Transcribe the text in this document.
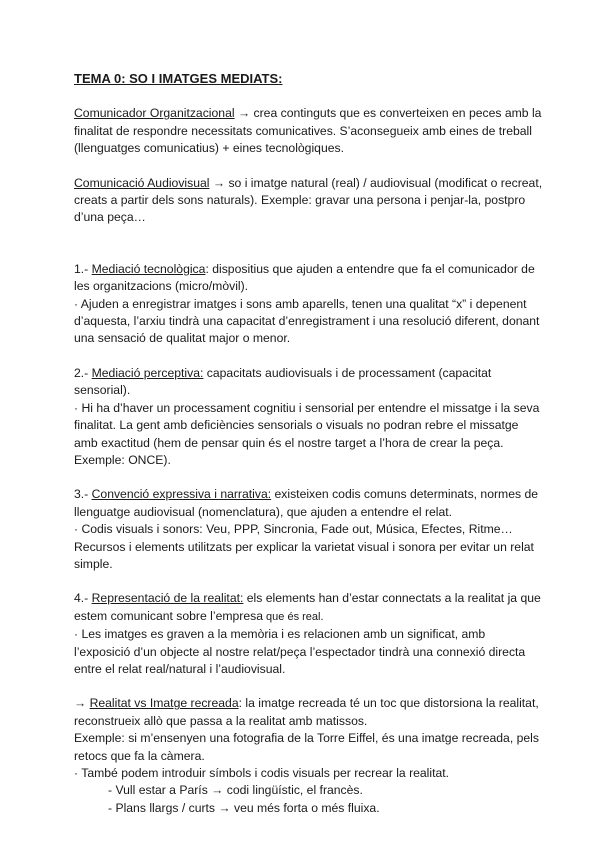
TEMA 0: SO I IMATGES MEDIATS:

Comunicador Organitzacional → crea continguts que es converteixen en peces amb la finalitat de respondre necessitats comunicatives. S’aconsegueix amb eines de treball (llenguatges comunicatius) + eines tecnològiques.

Comunicació Audiovisual → so i imatge natural (real) / audiovisual (modificat o recreat, creats a partir dels sons naturals). Exemple: gravar una persona i penjar-la, postpro d’una peça…

1.- Mediació tecnològica: dispositius que ajuden a entendre que fa el comunicador de les organitzacions (micro/mòvil).

· Ajuden a enregistrar imatges i sons amb aparells, tenen una qualitat “x” i depenent d’aquesta, l’arxiu tindrà una capacitat d’enregistrament i una resolució diferent, donant una sensació de qualitat major o menor.

2.- Mediació perceptiva: capacitats audiovisuals i de processament (capacitat sensorial).

· Hi ha d’haver un processament cognitiu i sensorial per entendre el missatge i la seva finalitat. La gent amb deficiències sensorials o visuals no podran rebre el missatge amb exactitud (hem de pensar quin és el nostre target a l’hora de crear la peça. Exemple: ONCE).

3.- Convenció expressiva i narrativa: existeixen codis comuns determinats, normes de llenguatge audiovisual (nomenclatura), que ajuden a entendre el relat.

· Codis visuals i sonors: Veu, PPP, Sincronia, Fade out, Música, Efectes, Ritme… Recursos i elements utilitzats per explicar la varietat visual i sonora per evitar un relat simple.

4.- Representació de la realitat: els elements han d’estar connectats a la realitat ja que estem comunicant sobre l’empresa que és real.

· Les imatges es graven a la memòria i es relacionen amb un significat, amb l’exposició d’un objecte al nostre relat/peça l’espectador tindrà una connexió directa entre el relat real/natural i l’audiovisual.

→ Realitat vs Imatge recreada: la imatge recreada té un toc que distorsiona la realitat, reconstrueix allò que passa a la realitat amb matissos.

Exemple: si m’ensenyen una fotografia de la Torre Eiffel, és una imatge recreada, pels retocs que fa la càmera.

· També podem introduir símbols i codis visuals per recrear la realitat.

- Vull estar a París → codi lingüístic, el francès.

- Plans llargs / curts → veu més forta o més fluixa.
